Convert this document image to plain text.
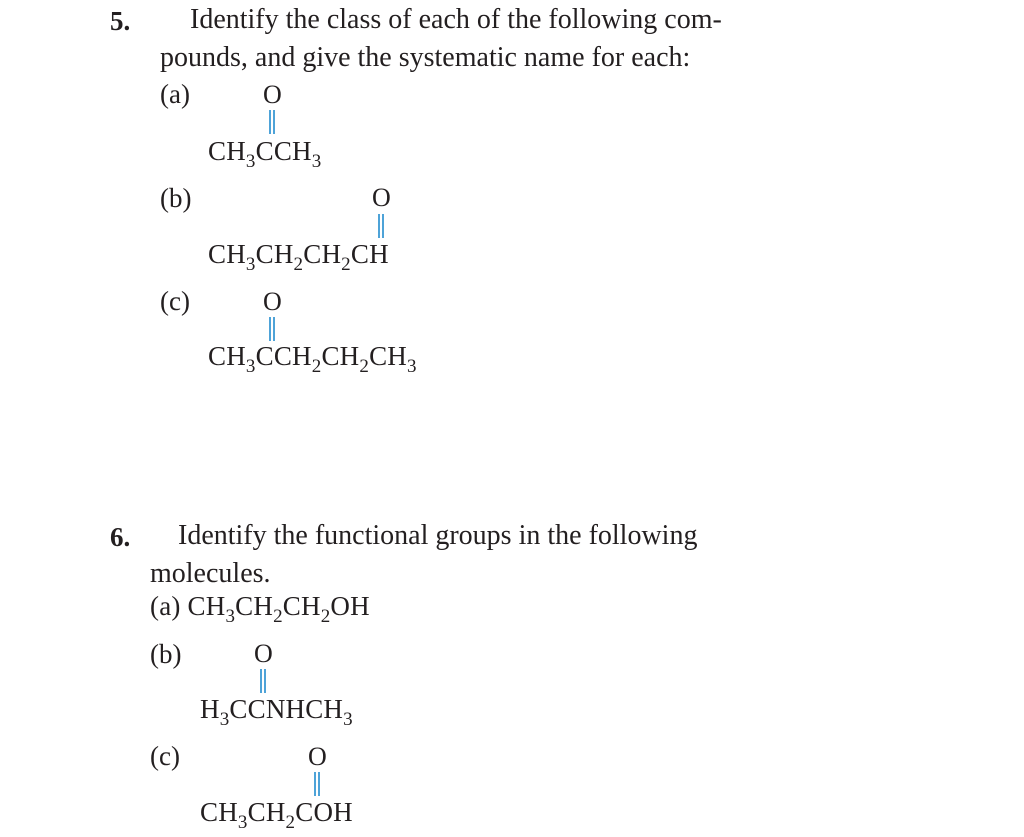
5. Identify the class of each of the following com-
pounds, and give the systematic name for each:
(a)	O
$CH_3CCH_3$
(b)	O
$CH_3CH_2CH_2CH$
(c)	O
$CH_3CCH_2CH_2CH_3$
6. Identify the functional groups in the following
molecules.
(a) $CH_3CH_2CH_2OH$
(b)	O
$H_3CCNHCH_3$
(c)	O
$CH_3CH_2COH$
